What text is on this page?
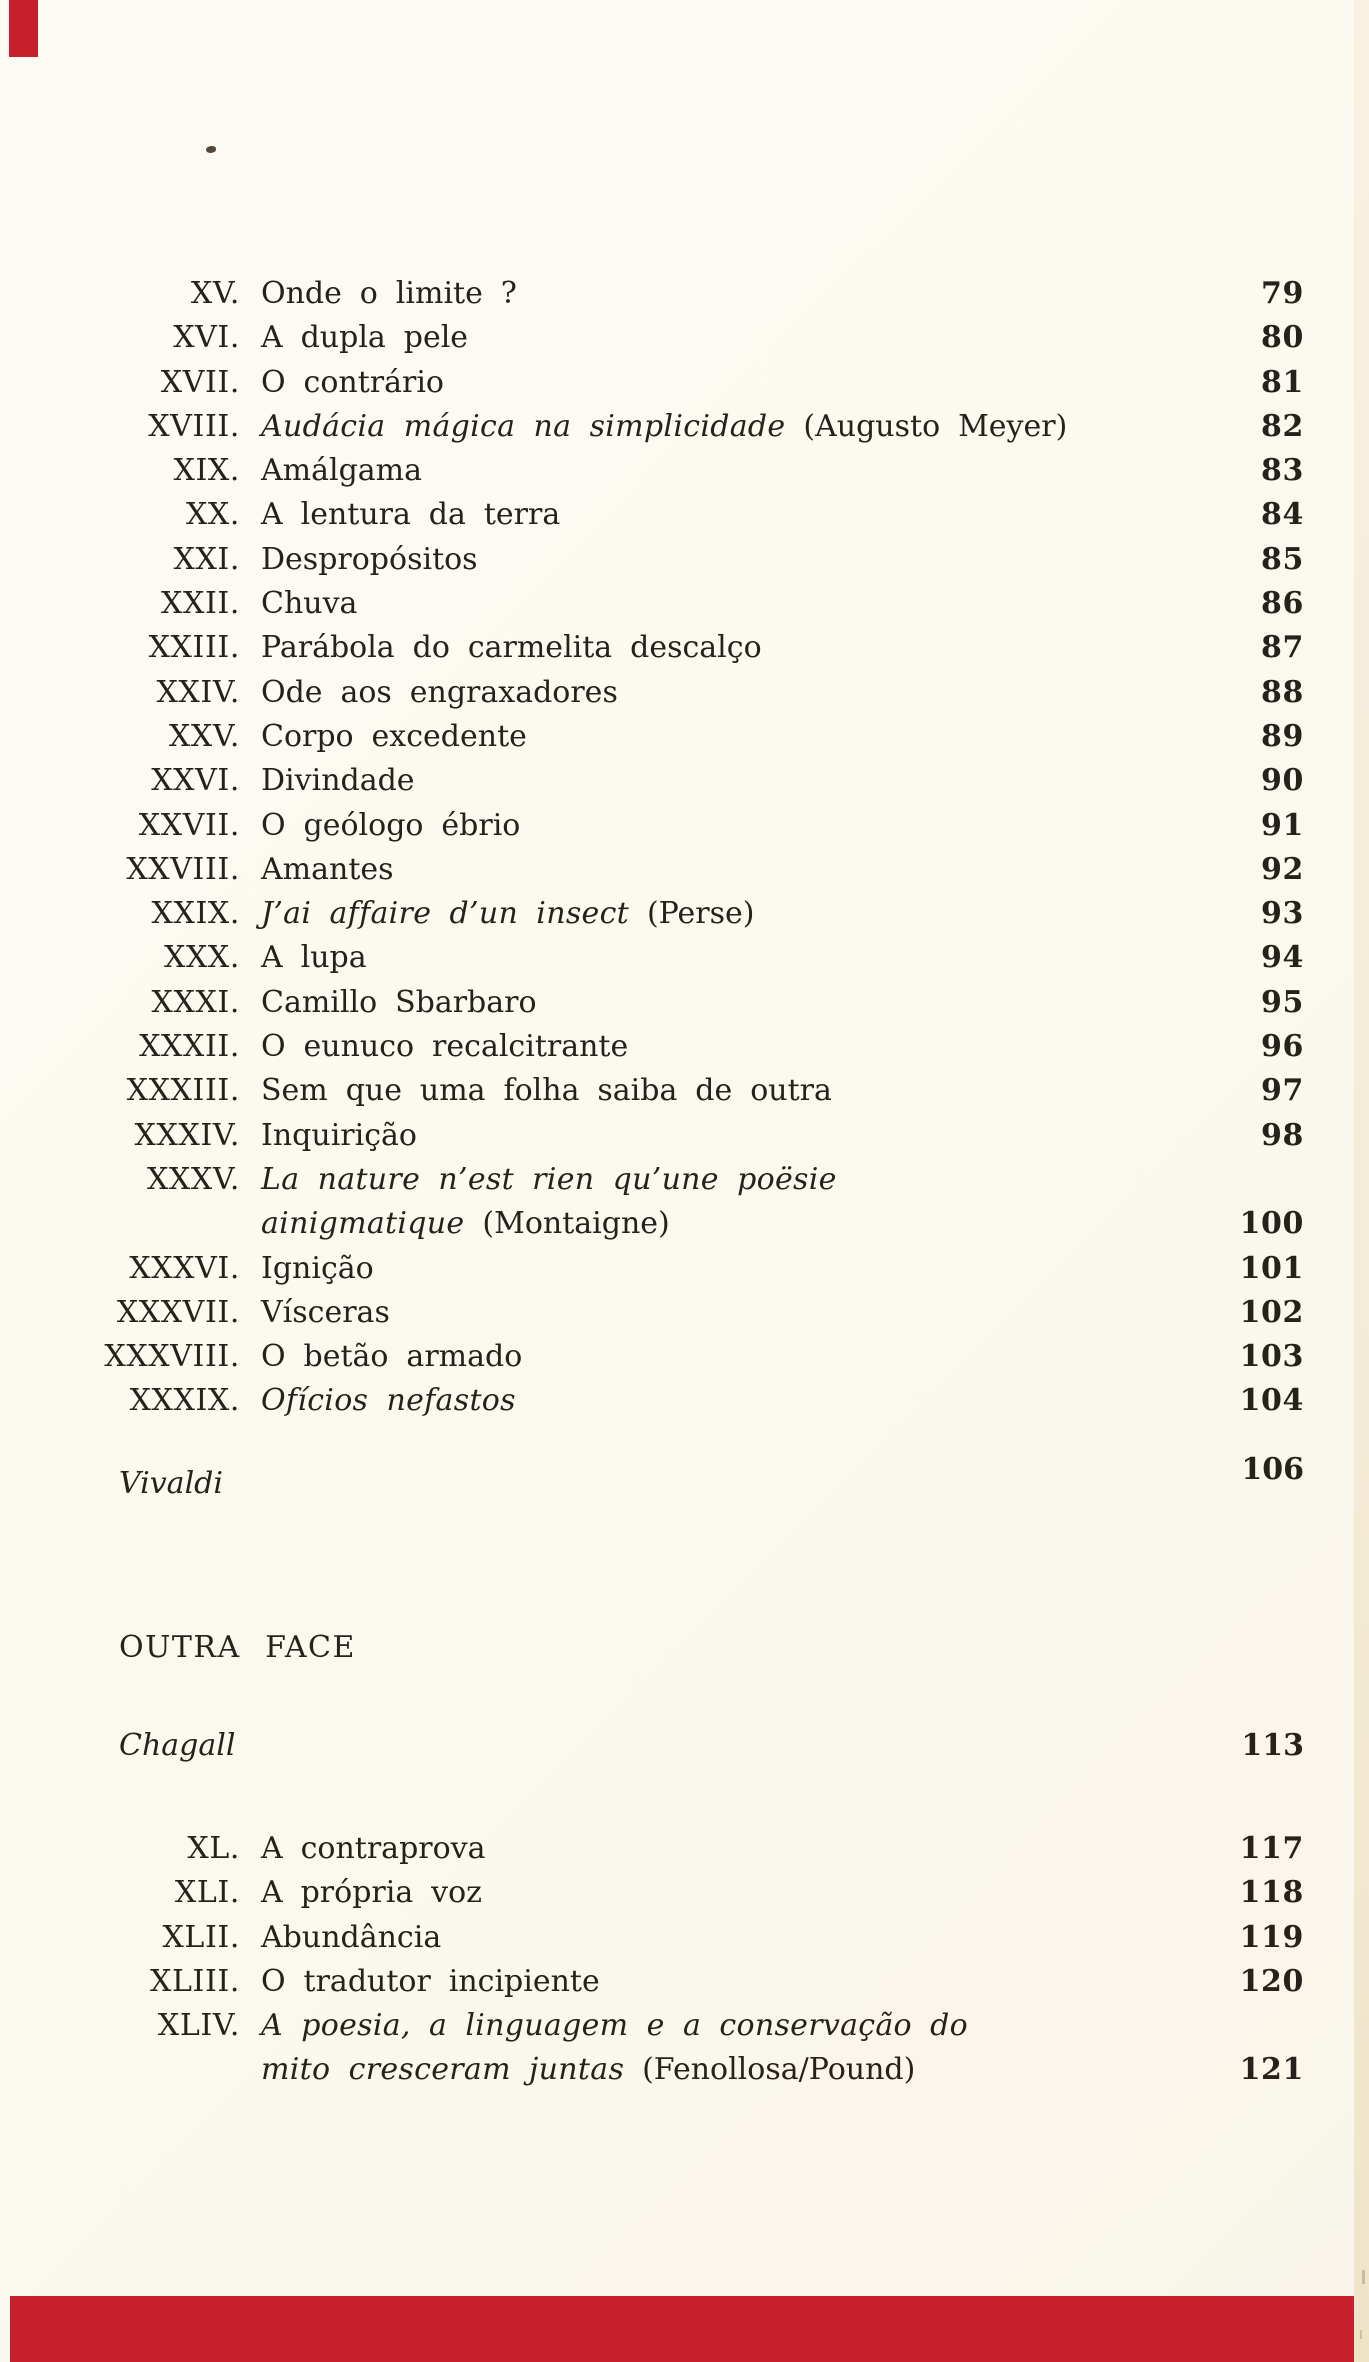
XV. Onde o limite ?	79
XVI. A dupla pele	80
XVII. O contrário	81
XVIII. Audácia mágica na simplicidade (Augusto Meyer)	82
XIX. Amálgama	83
XX. A lentura da terra	84
XXI. Despropósitos	85
XXII. Chuva	86
XXIII. Parábola do carmelita descalço	87
XXIV. Ode aos engraxadores	88
XXV. Corpo excedente	89
XXVI. Divindade	90
XXVII. O geólogo ébrio	91
XXVIII. Amantes	92
XXIX. J’ai affaire d’un insect (Perse)	93
XXX. A lupa	94
XXXI. Camillo Sbarbaro	95
XXXII. O eunuco recalcitrante	96
XXXIII. Sem que uma folha saiba de outra	97
XXXIV. Inquirição	98
XXXV. La nature n’est rien qu’une poësie
ainigmatique (Montaigne)	100
XXXVI. Ignição	101
XXXVII. Vísceras	102
XXXVIII. O betão armado	103
XXXIX. Ofícios nefastos	104
Vivaldi	106
OUTRA FACE
Chagall	113
XL. A contraprova	117
XLI. A própria voz	118
XLII. Abundância	119
XLIII. O tradutor incipiente	120
XLIV. A poesia, a linguagem e a conservação do
mito cresceram juntas (Fenollosa/Pound)	121
